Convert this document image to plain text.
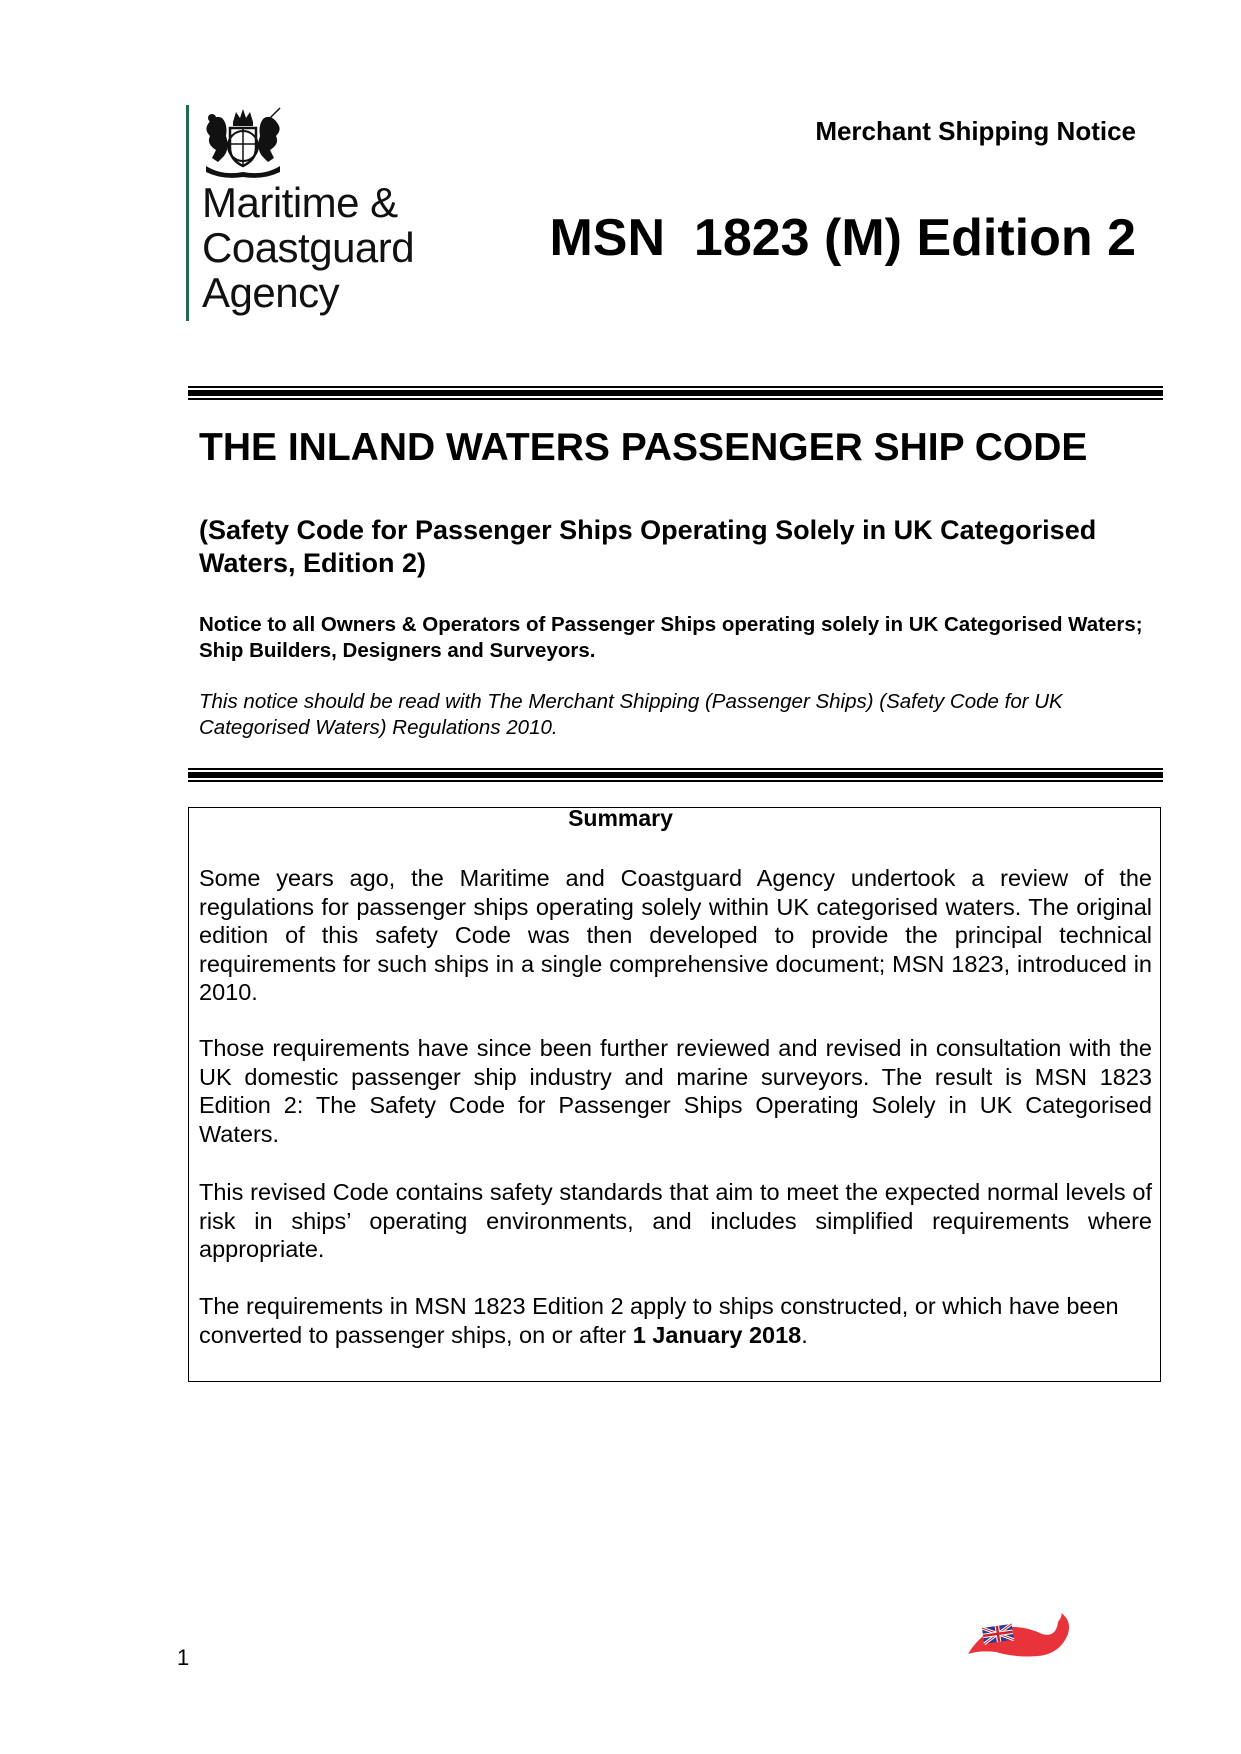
Maritime &
Coastguard
Agency
Merchant Shipping Notice
MSN  1823 (M) Edition 2
THE INLAND WATERS PASSENGER SHIP CODE
(Safety Code for Passenger Ships Operating Solely in UK Categorised Waters, Edition 2)
Notice to all Owners & Operators of Passenger Ships operating solely in UK Categorised Waters; Ship Builders, Designers and Surveyors.
This notice should be read with The Merchant Shipping (Passenger Ships) (Safety Code for UK Categorised Waters) Regulations 2010.
Summary
Some years ago, the Maritime and Coastguard Agency undertook a review of the regulations for passenger ships operating solely within UK categorised waters. The original edition of this safety Code was then developed to provide the principal technical requirements for such ships in a single comprehensive document; MSN 1823, introduced in 2010.
Those requirements have since been further reviewed and revised in consultation with the UK domestic passenger ship industry and marine surveyors. The result is MSN 1823 Edition 2: The Safety Code for Passenger Ships Operating Solely in UK Categorised Waters.
This revised Code contains safety standards that aim to meet the expected normal levels of risk in ships’ operating environments, and includes simplified requirements where appropriate.
The requirements in MSN 1823 Edition 2 apply to ships constructed, or which have been converted to passenger ships, on or after 1 January 2018.
1
